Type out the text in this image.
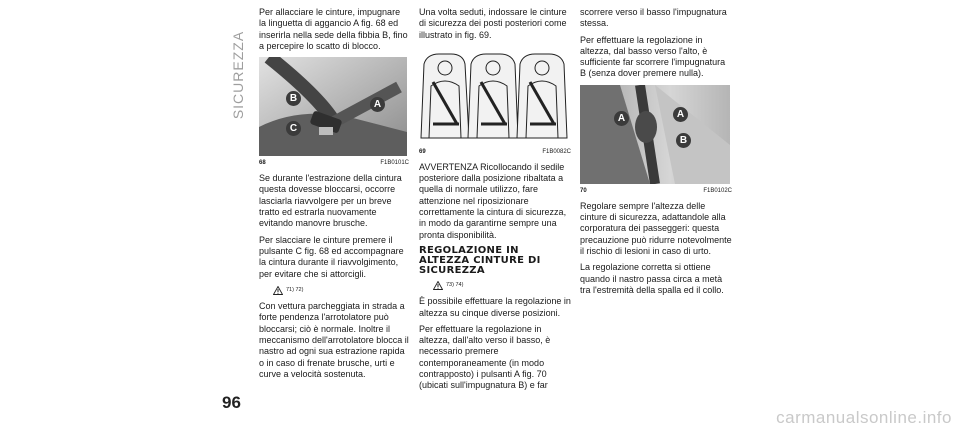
SICUREZZA
96

Per allacciare le cinture, impugnare la linguetta di aggancio A fig. 68 ed inserirla nella sede della fibbia B, fino a percepire lo scatto di blocco.

B
A
C
68	F1B0101C

Se durante l'estrazione della cintura questa dovesse bloccarsi, occorre lasciarla riavvolgere per un breve tratto ed estrarla nuovamente evitando manovre brusche.

Per slacciare le cinture premere il pulsante C fig. 68 ed accompagnare la cintura durante il riavvolgimento, per evitare che si attorcigli.

71) 72)

Con vettura parcheggiata in strada a forte pendenza l'arrotolatore può bloccarsi; ciò è normale. Inoltre il meccanismo dell'arrotolatore blocca il nastro ad ogni sua estrazione rapida o in caso di frenate brusche, urti e curve a velocità sostenuta.

Una volta seduti, indossare le cinture di sicurezza dei posti posteriori come illustrato in fig. 69.

69	F1B0082C

AVVERTENZA Ricollocando il sedile posteriore dalla posizione ribaltata a quella di normale utilizzo, fare attenzione nel riposizionare correttamente la cintura di sicurezza, in modo da garantirne sempre una pronta disponibilità.

REGOLAZIONE IN ALTEZZA CINTURE DI SICUREZZA
73) 74)

È possibile effettuare la regolazione in altezza su cinque diverse posizioni.

Per effettuare la regolazione in altezza, dall'alto verso il basso, è necessario premere contemporaneamente (in modo contrapposto) i pulsanti A fig. 70 (ubicati sull'impugnatura B) e far

scorrere verso il basso l'impugnatura stessa.

Per effettuare la regolazione in altezza, dal basso verso l'alto, è sufficiente far scorrere l'impugnatura B (senza dover premere nulla).

A	A
B
70	F1B0102C

Regolare sempre l'altezza delle cinture di sicurezza, adattandole alla corporatura dei passeggeri: questa precauzione può ridurre notevolmente il rischio di lesioni in caso di urto.

La regolazione corretta si ottiene quando il nastro passa circa a metà tra l'estremità della spalla ed il collo.

carmanualsonline.info
